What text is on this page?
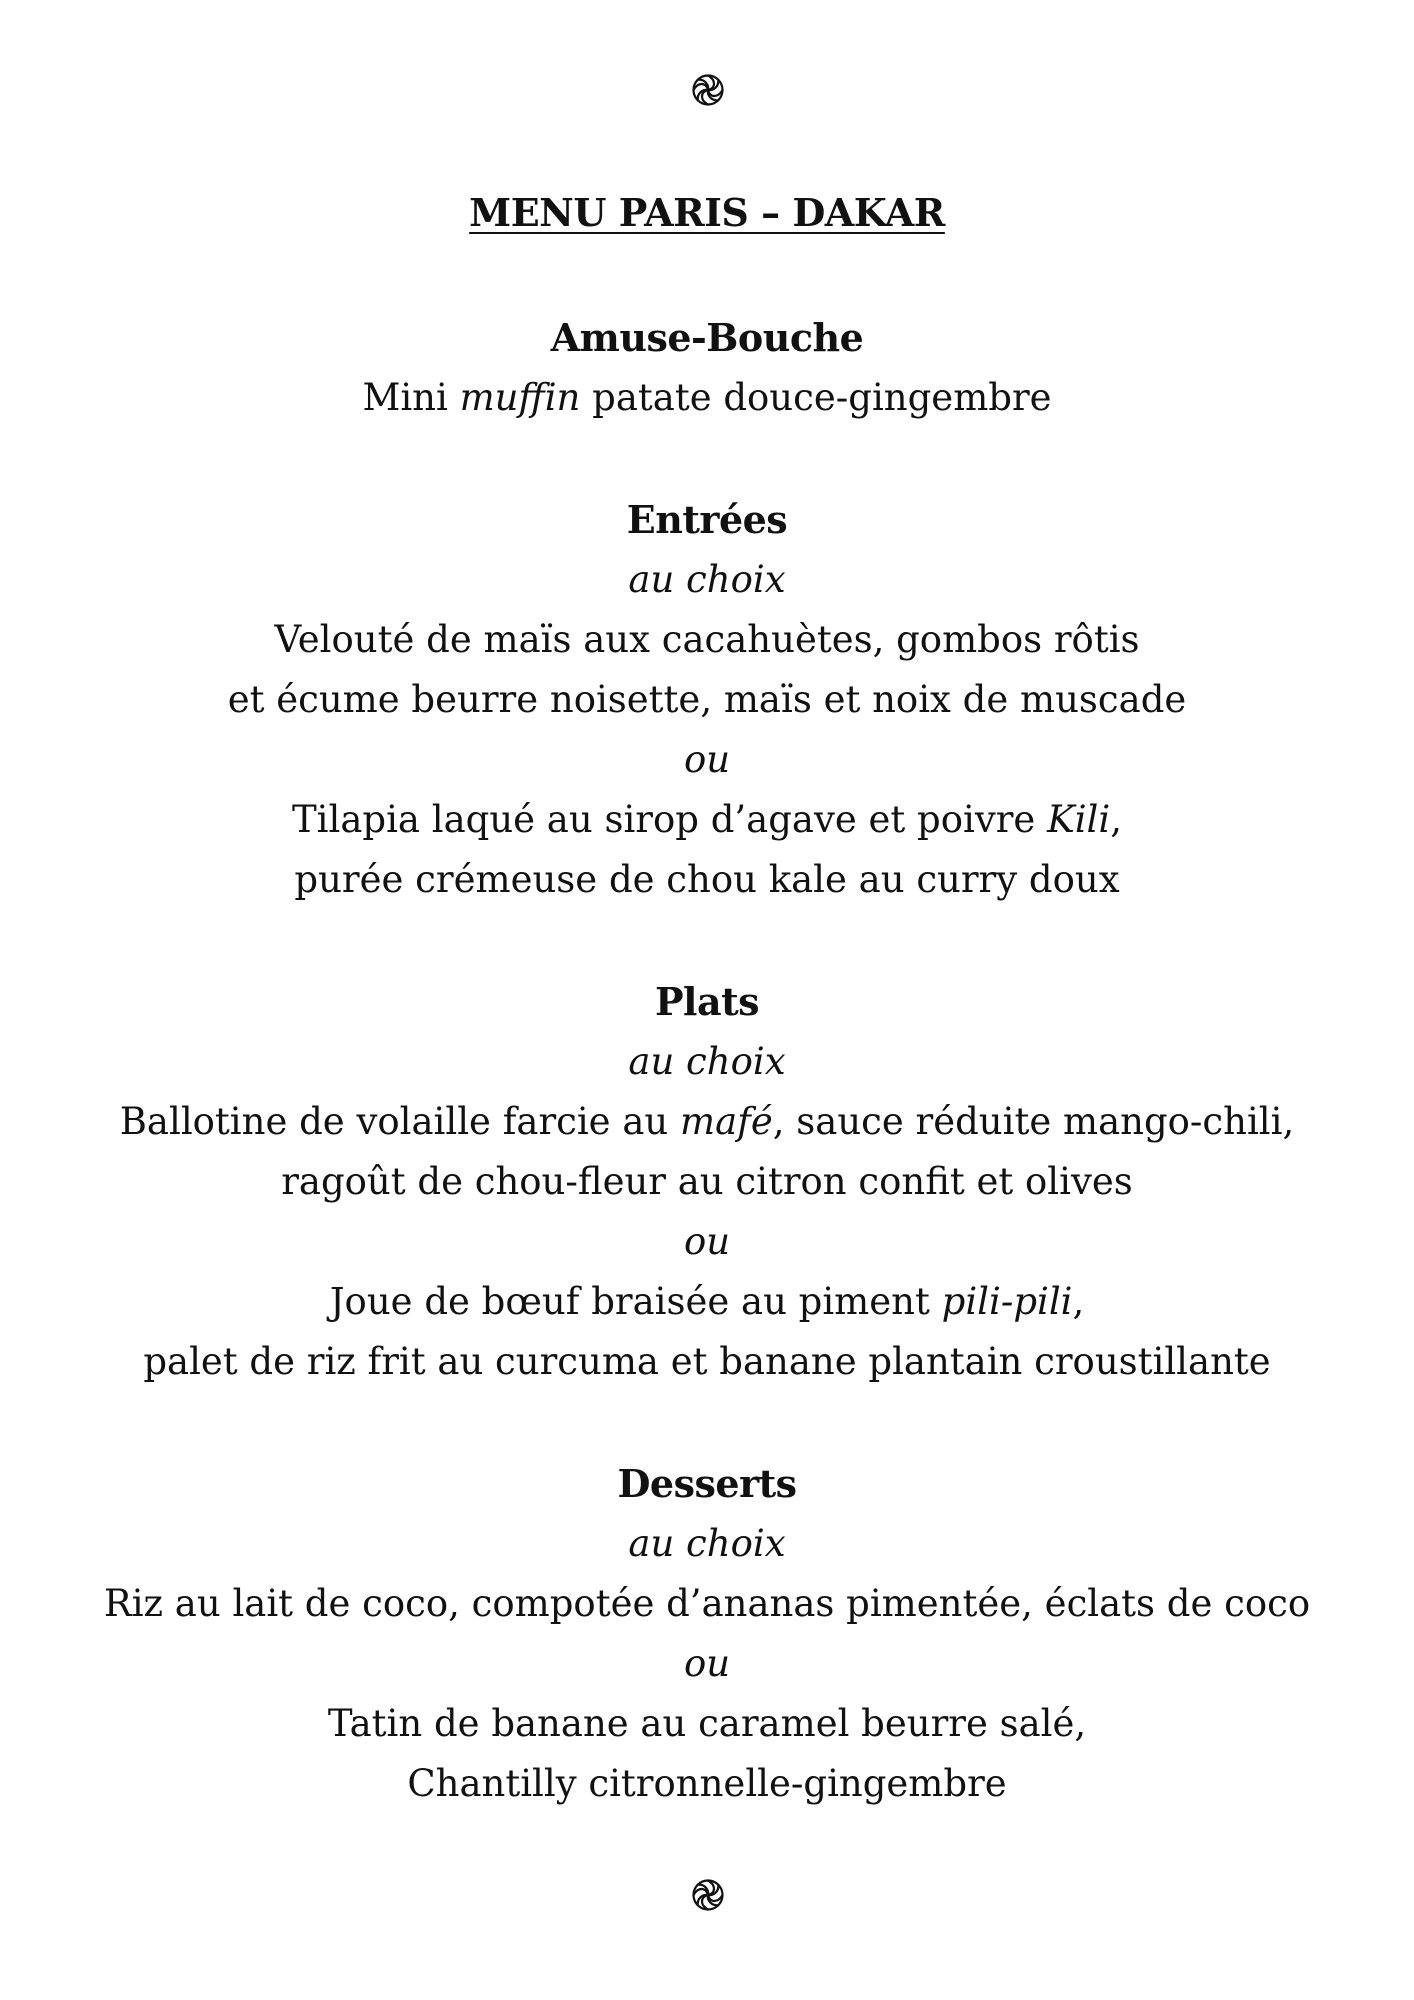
MENU PARIS – DAKAR
Amuse-Bouche
Mini muffin patate douce-gingembre
Entrées
au choix
Velouté de maïs aux cacahuètes, gombos rôtis
et écume beurre noisette, maïs et noix de muscade
ou
Tilapia laqué au sirop d’agave et poivre Kili,
purée crémeuse de chou kale au curry doux
Plats
au choix
Ballotine de volaille farcie au mafé, sauce réduite mango-chili,
ragoût de chou-fleur au citron confit et olives
ou
Joue de bœuf braisée au piment pili-pili,
palet de riz frit au curcuma et banane plantain croustillante
Desserts
au choix
Riz au lait de coco, compotée d’ananas pimentée, éclats de coco
ou
Tatin de banane au caramel beurre salé,
Chantilly citronnelle-gingembre
